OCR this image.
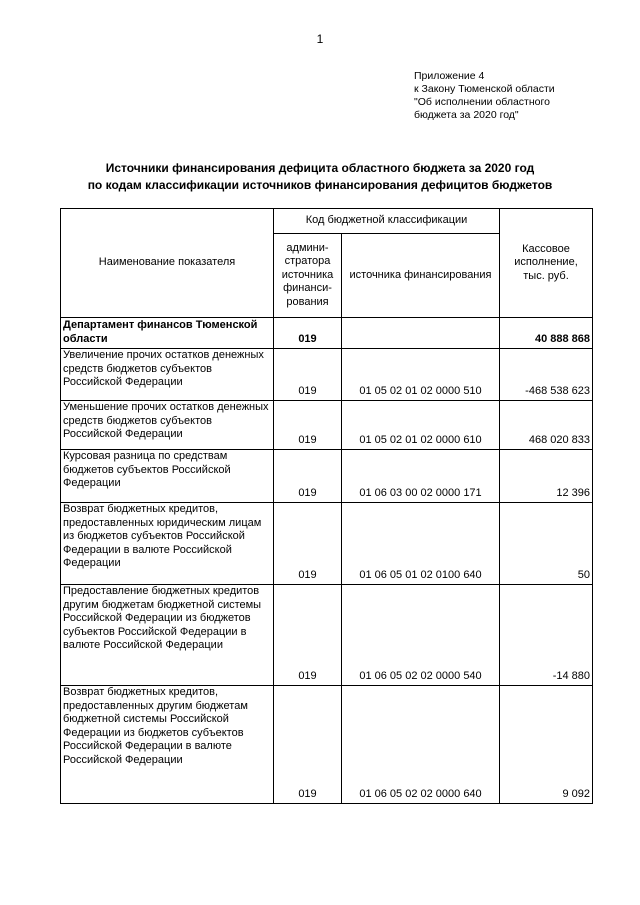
1
Приложение 4
к Закону Тюменской области
"Об исполнении областного
бюджета за 2020 год"
Источники финансирования дефицита областного бюджета за 2020 год
по кодам классификации источников финансирования дефицитов бюджетов
Наименование показателя	Код бюджетной классификации		Кассовое исполнение, тыс. руб.
	админи-стратора источника финанси-рования	источника финансирования	
Департамент финансов Тюменской области	019		40 888 868
Увеличение прочих остатков денежных средств бюджетов субъектов Российской Федерации	019	01 05 02 01 02 0000 510	-468 538 623
Уменьшение прочих остатков денежных средств бюджетов субъектов Российской Федерации	019	01 05 02 01 02 0000 610	468 020 833
Курсовая разница по средствам бюджетов субъектов Российской Федерации	019	01 06 03 00 02 0000 171	12 396
Возврат бюджетных кредитов, предоставленных юридическим лицам из бюджетов субъектов Российской Федерации в валюте Российской Федерации	019	01 06 05 01 02 0100 640	50
Предоставление бюджетных кредитов другим бюджетам бюджетной системы Российской Федерации из бюджетов субъектов Российской Федерации в валюте Российской Федерации	019	01 06 05 02 02 0000 540	-14 880
Возврат бюджетных кредитов, предоставленных другим бюджетам бюджетной системы Российской Федерации из бюджетов субъектов Российской Федерации в валюте Российской Федерации	019	01 06 05 02 02 0000 640	9 092
